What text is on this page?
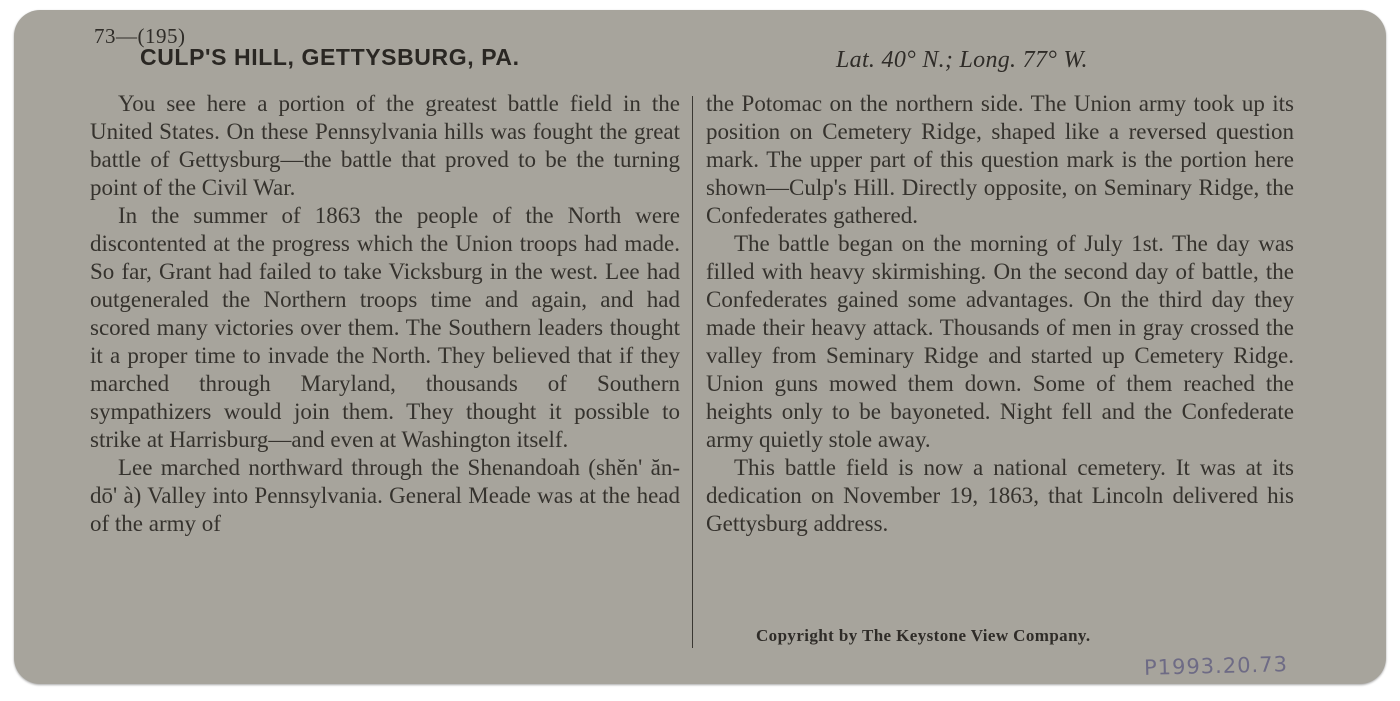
73—(195)
CULP'S HILL, GETTYSBURG, PA.	Lat. 40° N.; Long. 77° W.

You see here a portion of the greatest battle field in the United States. On these Pennsylvania hills was fought the great battle of Gettysburg—the battle that proved to be the turning point of the Civil War.

In the summer of 1863 the people of the North were discontented at the progress which the Union troops had made. So far, Grant had failed to take Vicksburg in the west. Lee had outgeneraled the Northern troops time and again, and had scored many victories over them. The Southern leaders thought it a proper time to invade the North. They believed that if they marched through Maryland, thousands of Southern sympathizers would join them. They thought it possible to strike at Harrisburg—and even at Washington itself.

Lee marched northward through the Shenandoah (shĕn' ăn-dō' à) Valley into Pennsylvania. General Meade was at the head of the army of

the Potomac on the northern side. The Union army took up its position on Cemetery Ridge, shaped like a reversed question mark. The upper part of this question mark is the portion here shown—Culp's Hill. Directly opposite, on Seminary Ridge, the Confederates gathered.

The battle began on the morning of July 1st. The day was filled with heavy skirmishing. On the second day of battle, the Confederates gained some advantages. On the third day they made their heavy attack. Thousands of men in gray crossed the valley from Seminary Ridge and started up Cemetery Ridge. Union guns mowed them down. Some of them reached the heights only to be bayoneted. Night fell and the Confederate army quietly stole away.

This battle field is now a national cemetery. It was at its dedication on November 19, 1863, that Lincoln delivered his Gettysburg address.

Copyright by The Keystone View Company.
P1993.20.73
